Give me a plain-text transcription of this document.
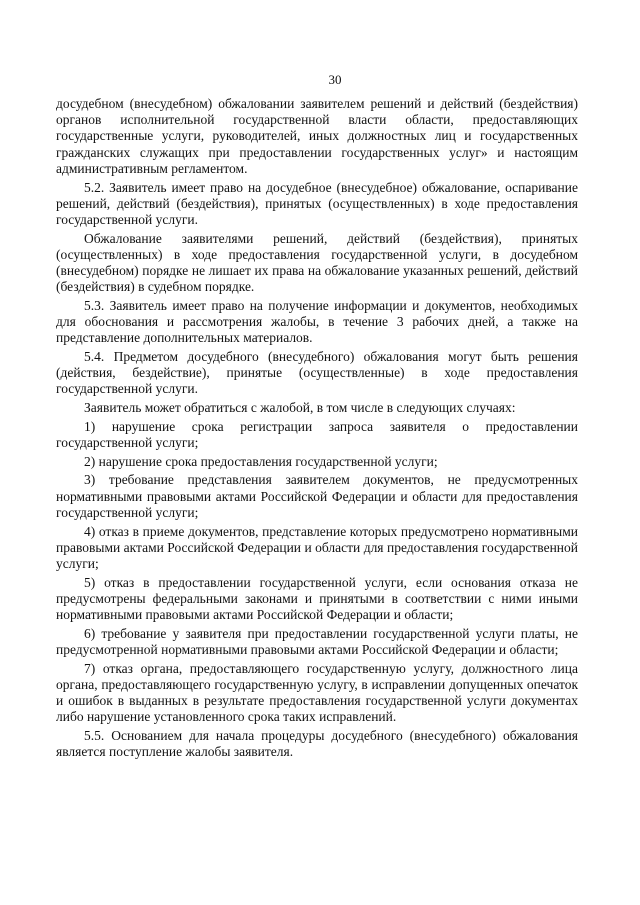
30

досудебном (внесудебном) обжаловании заявителем решений и действий (бездействия) органов исполнительной государственной власти области, предоставляющих государственные услуги, руководителей, иных должностных лиц и государственных гражданских служащих при предоставлении государственных услуг» и настоящим административным регламентом.

5.2. Заявитель имеет право на досудебное (внесудебное) обжалование, оспаривание решений, действий (бездействия), принятых (осуществленных) в ходе предоставления государственной услуги.

Обжалование заявителями решений, действий (бездействия), принятых (осуществленных) в ходе предоставления государственной услуги, в досудебном (внесудебном) порядке не лишает их права на обжалование указанных решений, действий (бездействия) в судебном порядке.

5.3. Заявитель имеет право на получение информации и документов, необходимых для обоснования и рассмотрения жалобы, в течение 3 рабочих дней, а также на представление дополнительных материалов.

5.4. Предметом досудебного (внесудебного) обжалования могут быть решения (действия, бездействие), принятые (осуществленные) в ходе предоставления государственной услуги.

Заявитель может обратиться с жалобой, в том числе в следующих случаях:

1) нарушение срока регистрации запроса заявителя о предоставлении государственной услуги;

2) нарушение срока предоставления государственной услуги;

3) требование представления заявителем документов, не предусмотренных нормативными правовыми актами Российской Федерации и области для предоставления государственной услуги;

4) отказ в приеме документов, представление которых предусмотрено нормативными правовыми актами Российской Федерации и области для предоставления государственной услуги;

5) отказ в предоставлении государственной услуги, если основания отказа не предусмотрены федеральными законами и принятыми в соответствии с ними иными нормативными правовыми актами Российской Федерации и области;

6) требование у заявителя при предоставлении государственной услуги платы, не предусмотренной нормативными правовыми актами Российской Федерации и области;

7) отказ органа, предоставляющего государственную услугу, должностного лица органа, предоставляющего государственную услугу, в исправлении допущенных опечаток и ошибок в выданных в результате предоставления государственной услуги документах либо нарушение установленного срока таких исправлений.

5.5. Основанием для начала процедуры досудебного (внесудебного) обжалования является поступление жалобы заявителя.
